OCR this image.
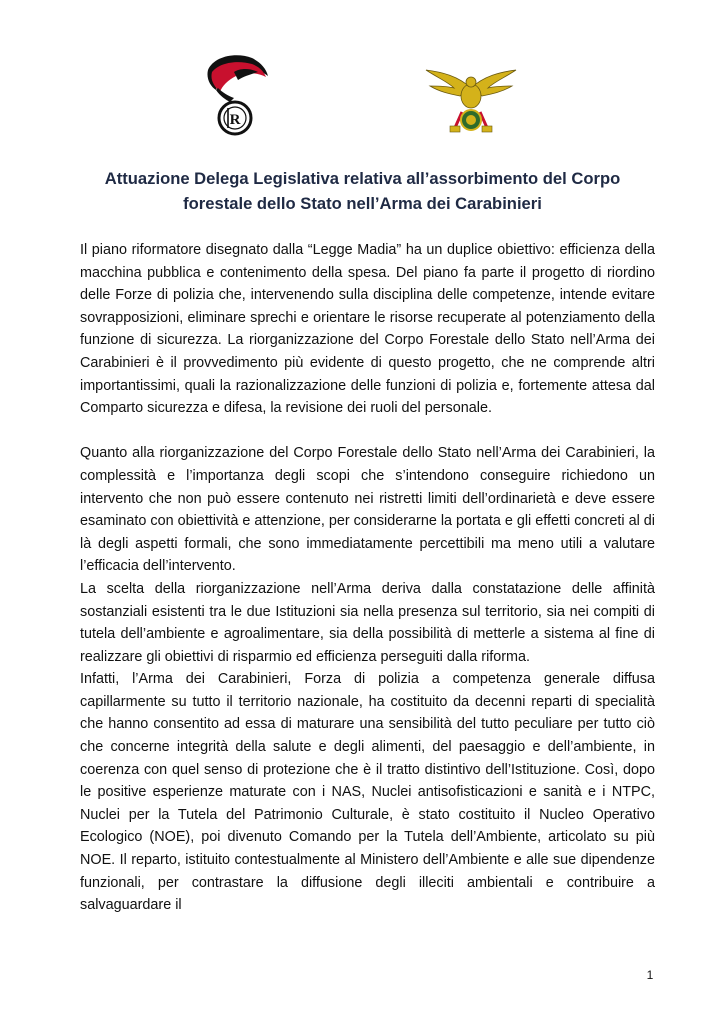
R
Attuazione Delega Legislativa relativa all’assorbimento del Corpo
forestale dello Stato nell’Arma dei Carabinieri

Il piano riformatore disegnato dalla “Legge Madia” ha un duplice obiettivo: efficienza della macchina pubblica e contenimento della spesa. Del piano fa parte il progetto di riordino delle Forze di polizia che, intervenendo sulla disciplina delle competenze, intende evitare sovrapposizioni, eliminare sprechi e orientare le risorse recuperate al potenziamento della funzione di sicurezza. La riorganizzazione del Corpo Forestale dello Stato nell’Arma dei Carabinieri è il provvedimento più evidente di questo progetto, che ne comprende altri importantissimi, quali la razionalizzazione delle funzioni di polizia e, fortemente attesa dal Comparto sicurezza e difesa, la revisione dei ruoli del personale.

Quanto alla riorganizzazione del Corpo Forestale dello Stato nell’Arma dei Carabinieri, la complessità e l’importanza degli scopi che s’intendono conseguire richiedono un intervento che non può essere contenuto nei ristretti limiti dell’ordinarietà e deve essere esaminato con obiettività e attenzione, per considerarne la portata e gli effetti concreti al di là degli aspetti formali, che sono immediatamente percettibili ma meno utili a valutare l’efficacia dell’intervento.

La scelta della riorganizzazione nell’Arma deriva dalla constatazione delle affinità sostanziali esistenti tra le due Istituzioni sia nella presenza sul territorio, sia nei compiti di tutela dell’ambiente e agroalimentare, sia della possibilità di metterle a sistema al fine di realizzare gli obiettivi di risparmio ed efficienza perseguiti dalla riforma.

Infatti, l’Arma dei Carabinieri, Forza di polizia a competenza generale diffusa capillarmente su tutto il territorio nazionale, ha costituito da decenni reparti di specialità che hanno consentito ad essa di maturare una sensibilità del tutto peculiare per tutto ciò che concerne integrità della salute e degli alimenti, del paesaggio e dell’ambiente, in coerenza con quel senso di protezione che è il tratto distintivo dell’Istituzione. Così, dopo le positive esperienze maturate con i NAS, Nuclei antisofisticazioni e sanità e i NTPC, Nuclei per la Tutela del Patrimonio Culturale, è stato costituito il Nucleo Operativo Ecologico (NOE), poi divenuto Comando per la Tutela dell’Ambiente, articolato su più NOE. Il reparto, istituito contestualmente al Ministero dell’Ambiente e alle sue dipendenze funzionali, per contrastare la diffusione degli illeciti ambientali e contribuire a salvaguardare il

1
